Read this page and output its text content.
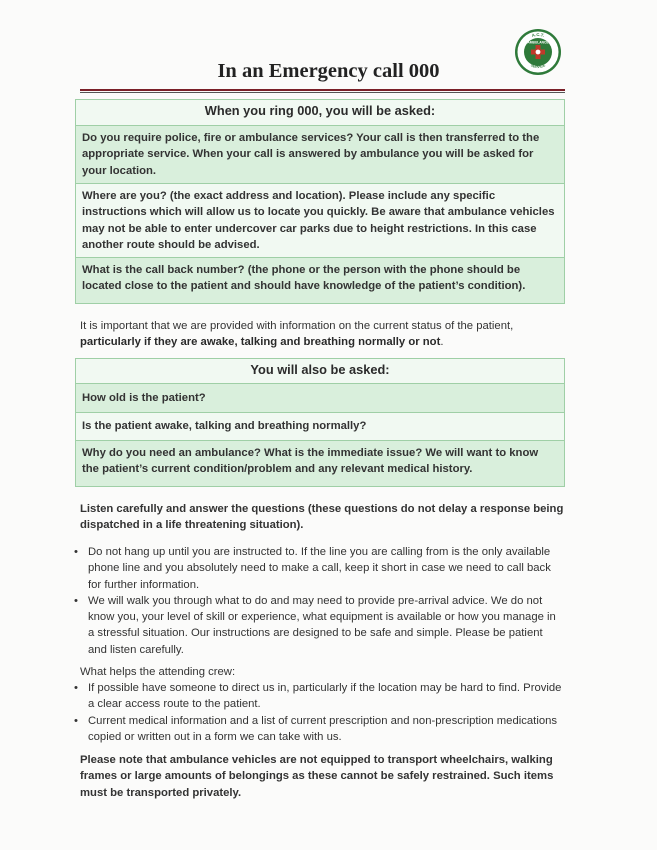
In an Emergency call 000
A.C.T.
SERVICE
AMBULANCE
When you ring 000, you will be asked:
Do you require police, fire or ambulance services? Your call is then transferred to the appropriate service. When your call is answered by ambulance you will be asked for your location.
Where are you? (the exact address and location). Please include any specific instructions which will allow us to locate you quickly. Be aware that ambulance vehicles may not be able to enter undercover car parks due to height restrictions. In this case another route should be advised.
What is the call back number? (the phone or the person with the phone should be located close to the patient and should have knowledge of the patient’s condition).
It is important that we are provided with information on the current status of the patient, particularly if they are awake, talking and breathing normally or not.
You will also be asked:
How old is the patient?
Is the patient awake, talking and breathing normally?
Why do you need an ambulance? What is the immediate issue? We will want to know the patient’s current condition/problem and any relevant medical history.
Listen carefully and answer the questions (these questions do not delay a response being dispatched in a life threatening situation).
• Do not hang up until you are instructed to. If the line you are calling from is the only available phone line and you absolutely need to make a call, keep it short in case we need to call back for further information.
• We will walk you through what to do and may need to provide pre-arrival advice. We do not know you, your level of skill or experience, what equipment is available or how you manage in a stressful situation. Our instructions are designed to be safe and simple. Please be patient and listen carefully.
What helps the attending crew:
• If possible have someone to direct us in, particularly if the location may be hard to find. Provide a clear access route to the patient.
• Current medical information and a list of current prescription and non-prescription medications copied or written out in a form we can take with us.
Please note that ambulance vehicles are not equipped to transport wheelchairs, walking frames or large amounts of belongings as these cannot be safely restrained. Such items must be transported privately.
